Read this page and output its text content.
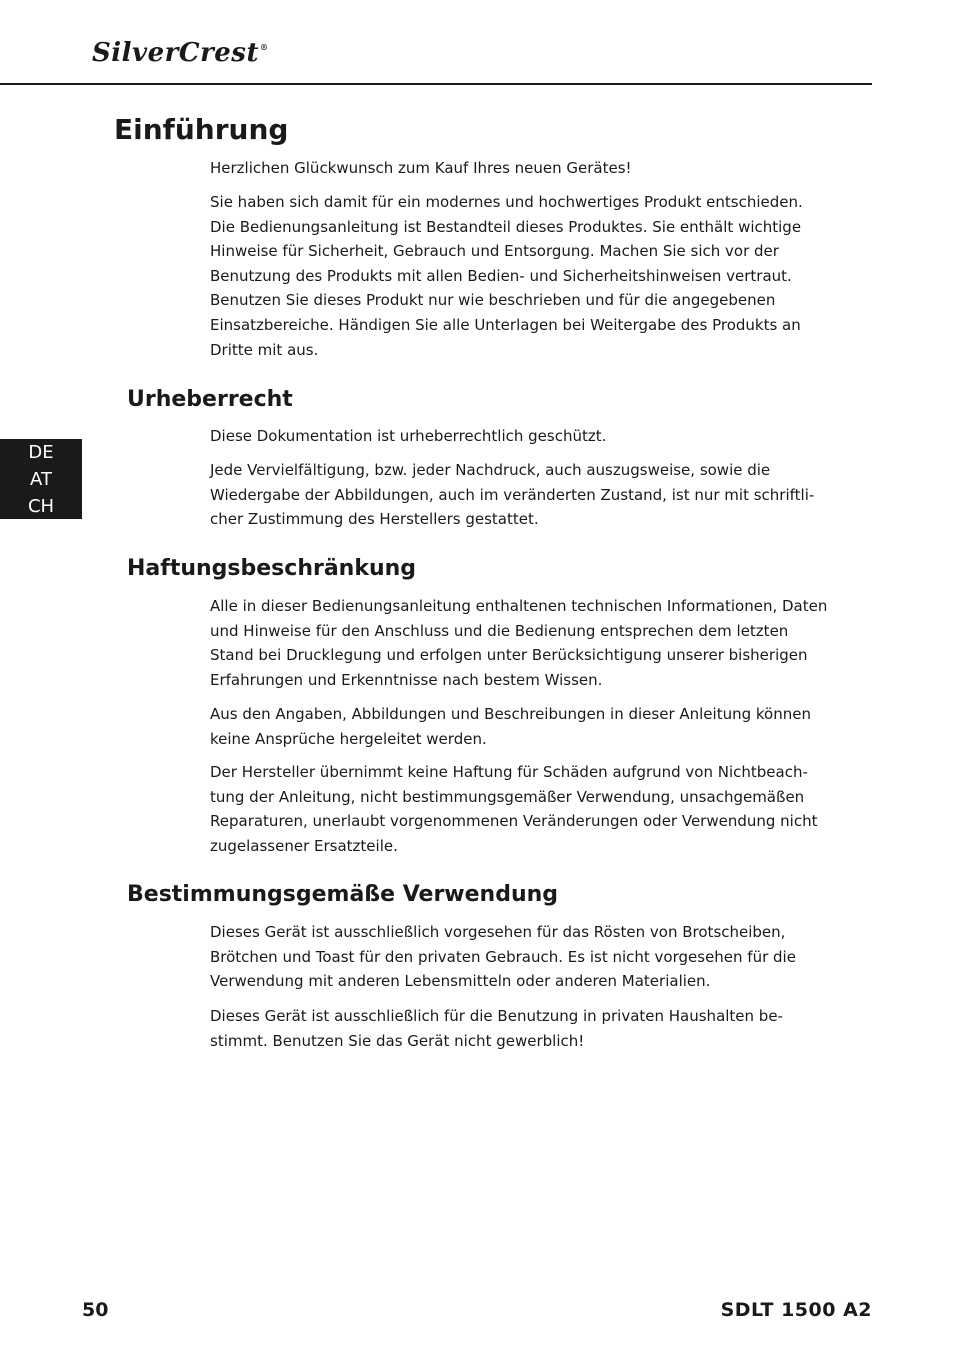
SilverCrest®
DE
AT
CH
Einführung

Herzlichen Glückwunsch zum Kauf Ihres neuen Gerätes!

Sie haben sich damit für ein modernes und hochwertiges Produkt entschieden.
Die Bedienungsanleitung ist Bestandteil dieses Produktes. Sie enthält wichtige
Hinweise für Sicherheit, Gebrauch und Entsorgung. Machen Sie sich vor der
Benutzung des Produkts mit allen Bedien- und Sicherheitshinweisen vertraut.
Benutzen Sie dieses Produkt nur wie beschrieben und für die angegebenen
Einsatzbereiche. Händigen Sie alle Unterlagen bei Weitergabe des Produkts an
Dritte mit aus.

Urheberrecht

Diese Dokumentation ist urheberrechtlich geschützt.

Jede Vervielfältigung, bzw. jeder Nachdruck, auch auszugsweise, sowie die
Wiedergabe der Abbildungen, auch im veränderten Zustand, ist nur mit schriftli-
cher Zustimmung des Herstellers gestattet.

Haftungsbeschränkung

Alle in dieser Bedienungsanleitung enthaltenen technischen Informationen, Daten
und Hinweise für den Anschluss und die Bedienung entsprechen dem letzten
Stand bei Drucklegung und erfolgen unter Berücksichtigung unserer bisherigen
Erfahrungen und Erkenntnisse nach bestem Wissen.

Aus den Angaben, Abbildungen und Beschreibungen in dieser Anleitung können
keine Ansprüche hergeleitet werden.

Der Hersteller übernimmt keine Haftung für Schäden aufgrund von Nichtbeach-
tung der Anleitung, nicht bestimmungsgemäßer Verwendung, unsachgemäßen
Reparaturen, unerlaubt vorgenommenen Veränderungen oder Verwendung nicht
zugelassener Ersatzteile.

Bestimmungsgemäße Verwendung

Dieses Gerät ist ausschließlich vorgesehen für das Rösten von Brotscheiben,
Brötchen und Toast für den privaten Gebrauch. Es ist nicht vorgesehen für die
Verwendung mit anderen Lebensmitteln oder anderen Materialien.

Dieses Gerät ist ausschließlich für die Benutzung in privaten Haushalten be-
stimmt. Benutzen Sie das Gerät nicht gewerblich!

50	SDLT 1500 A2
